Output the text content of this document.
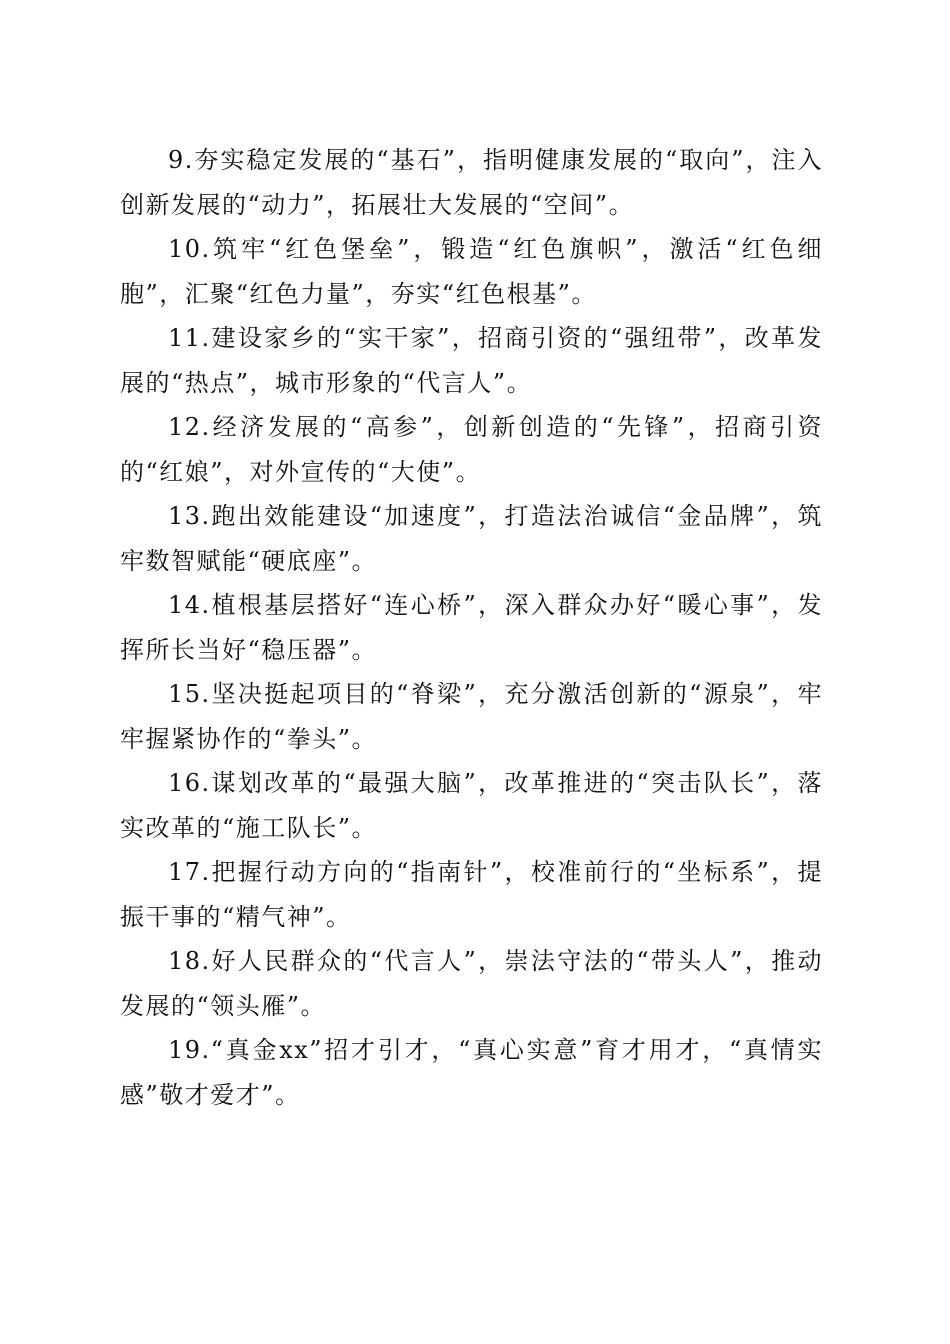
9.夯实稳定发展的“基石”，指明健康发展的“取向”，注入创新发展的“动力”，拓展壮大发展的“空间”。

10.筑牢“红色堡垒”，锻造“红色旗帜”，激活“红色细胞”，汇聚“红色力量”，夯实“红色根基”。

11.建设家乡的“实干家”，招商引资的“强纽带”，改革发展的“热点”，城市形象的“代言人”。

12.经济发展的“高参”，创新创造的“先锋”，招商引资的“红娘”，对外宣传的“大使”。

13.跑出效能建设“加速度”，打造法治诚信“金品牌”，筑牢数智赋能“硬底座”。

14.植根基层搭好“连心桥”，深入群众办好“暖心事”，发挥所长当好“稳压器”。

15.坚决挺起项目的“脊梁”，充分激活创新的“源泉”，牢牢握紧协作的“拳头”。

16.谋划改革的“最强大脑”，改革推进的“突击队长”，落实改革的“施工队长”。

17.把握行动方向的“指南针”，校准前行的“坐标系”，提振干事的“精气神”。

18.好人民群众的“代言人”，崇法守法的“带头人”，推动发展的“领头雁”。

19.“真金xx”招才引才，“真心实意”育才用才，“真情实感”敬才爱才”。
